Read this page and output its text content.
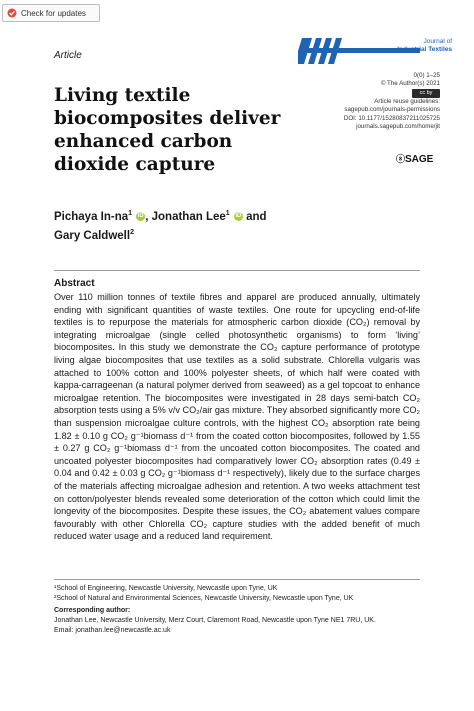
Check for updates
Article
Journal of
Industrial Textiles
0(0) 1–25
© The Author(s) 2021
cc by
Article reuse guidelines:
sagepub.com/journals-permissions
DOI: 10.1177/15280837211025725
journals.sagepub.com/home/jit
ⓢSAGE
Living textile biocomposites deliver enhanced carbon dioxide capture
Pichaya $In-na^1$ iD , Jonathan Lee$^1$ iD and
Gary Caldwell$^2$
Abstract
Over 110 million tonnes of textile fibres and apparel are produced annually, ultimately ending with significant quantities of waste textiles. One route for upcycling end-of-life textiles is to repurpose the materials for atmospheric carbon dioxide (CO₂) removal by integrating microalgae (single celled photosynthetic organisms) to form ‘living’ biocomposites. In this study we demonstrate the CO₂ capture performance of prototype living algae biocomposites that use textiles as a solid substrate. Chlorella vulgaris was attached to 100% cotton and 100% polyester sheets, of which half were coated with kappa-carrageenan (a natural polymer derived from seaweed) as a gel topcoat to enhance microalgae retention. The biocomposites were investigated in 28 days semi-batch CO₂ absorption tests using a 5% v/v CO₂/air gas mixture. They absorbed significantly more CO₂ than suspension microalgae culture controls, with the highest CO₂ absorption rate being 1.82 ± 0.10 g CO₂ g⁻¹biomass d⁻¹ from the coated cotton biocomposites, followed by 1.55 ± 0.27 g CO₂ g⁻¹biomass d⁻¹ from the uncoated cotton biocomposites. The coated and uncoated polyester biocomposites had comparatively lower CO₂ absorption rates (0.49 ± 0.04 and 0.42 ± 0.03 g CO₂ g⁻¹biomass d⁻¹ respectively), likely due to the surface charges of the materials affecting microalgae adhesion and retention. A two weeks attachment test on cotton/polyester blends revealed some deterioration of the cotton which could limit the longevity of the biocomposites. Despite these issues, the CO₂ abatement values compare favourably with other Chlorella CO₂ capture studies with the added benefit of much reduced water usage and a reduced land requirement.
¹School of Engineering, Newcastle University, Newcastle upon Tyne, UK
²School of Natural and Environmental Sciences, Newcastle University, Newcastle upon Tyne, UK
Corresponding author:
Jonathan Lee, Newcastle University, Merz Court, Claremont Road, Newcastle upon Tyne NE1 7RU, UK.
Email: jonathan.lee@newcastle.ac.uk
